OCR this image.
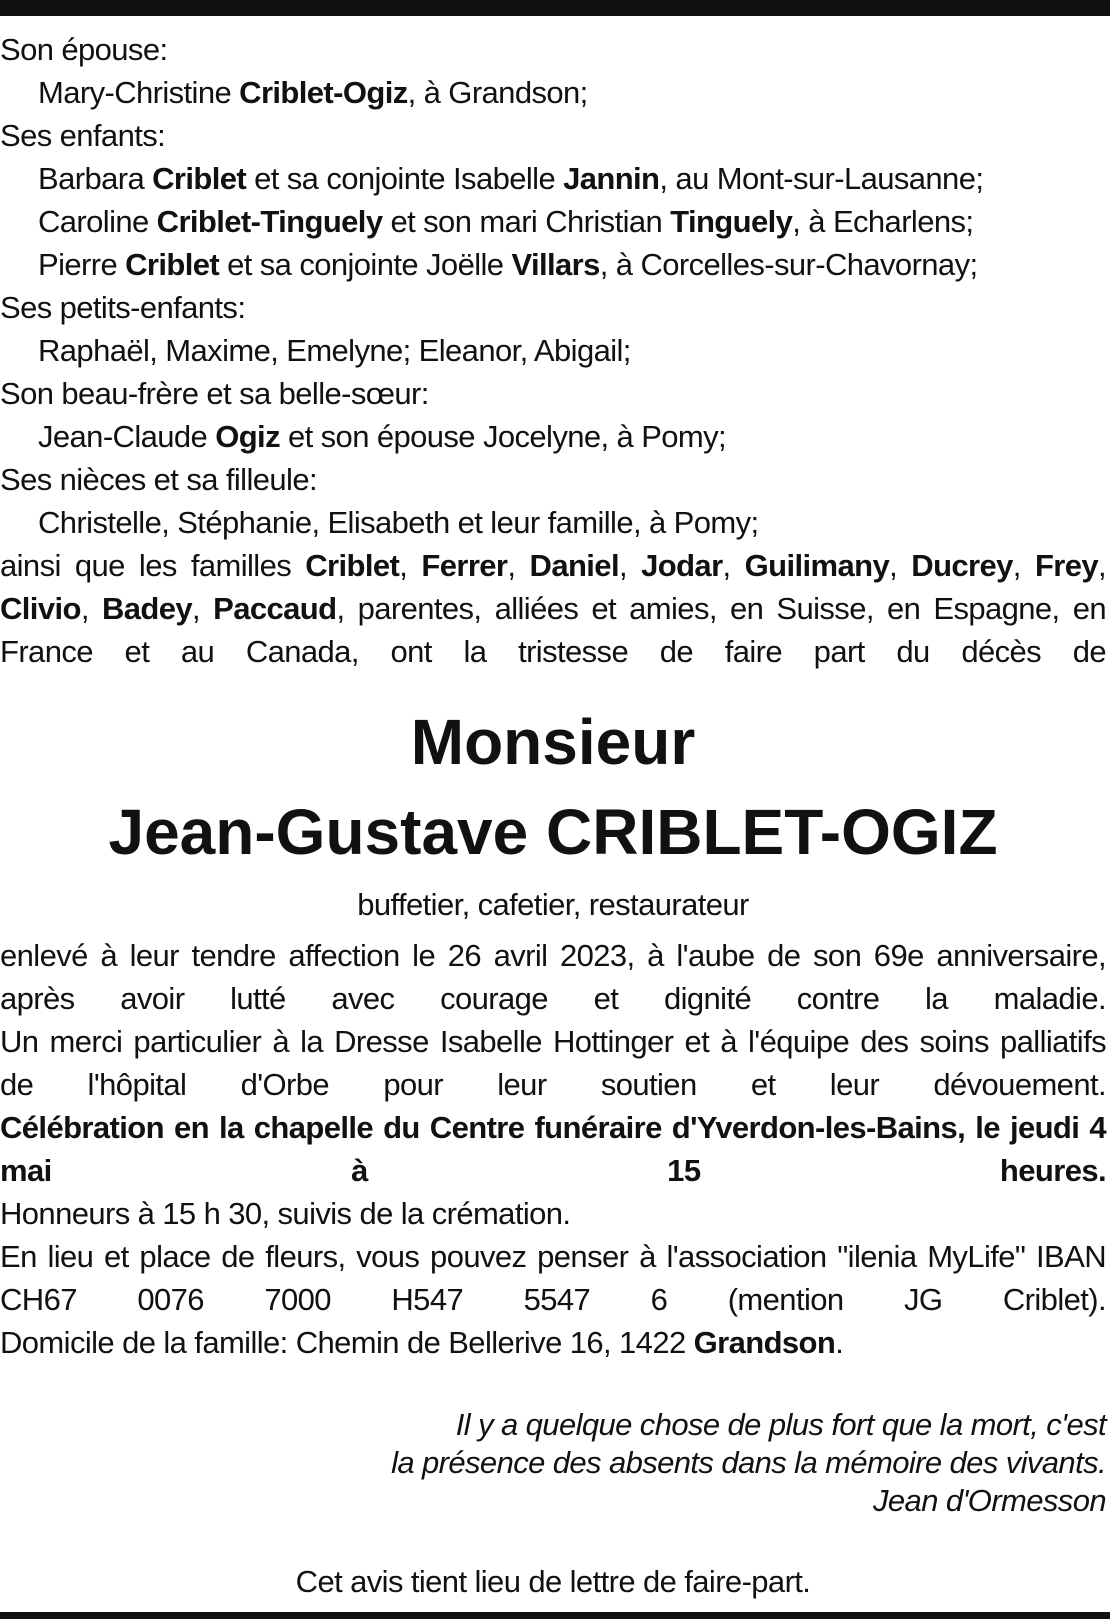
Son épouse:
Mary-Christine Criblet-Ogiz, à Grandson;
Ses enfants:
Barbara Criblet et sa conjointe Isabelle Jannin, au Mont-sur-Lausanne;
Caroline Criblet-Tinguely et son mari Christian Tinguely, à Echarlens;
Pierre Criblet et sa conjointe Joëlle Villars, à Corcelles-sur-Chavornay;
Ses petits-enfants:
Raphaël, Maxime, Emelyne; Eleanor, Abigail;
Son beau-frère et sa belle-sœur:
Jean-Claude Ogiz et son épouse Jocelyne, à Pomy;
Ses nièces et sa filleule:
Christelle, Stéphanie, Elisabeth et leur famille, à Pomy;
ainsi que les familles Criblet, Ferrer, Daniel, Jodar, Guilimany, Ducrey, Frey, Clivio, Badey, Paccaud, parentes, alliées et amies, en Suisse, en Espagne, en France et au Canada, ont la tristesse de faire part du décès de
Monsieur
Jean-Gustave CRIBLET-OGIZ
buffetier, cafetier, restaurateur
enlevé à leur tendre affection le 26 avril 2023, à l'aube de son 69e anniversaire, après avoir lutté avec courage et dignité contre la maladie.
Un merci particulier à la Dresse Isabelle Hottinger et à l'équipe des soins palliatifs de l'hôpital d'Orbe pour leur soutien et leur dévouement.
Célébration en la chapelle du Centre funéraire d'Yverdon-les-Bains, le jeudi 4 mai à 15 heures.
Honneurs à 15 h 30, suivis de la crémation.
En lieu et place de fleurs, vous pouvez penser à l'association "ilenia MyLife" IBAN CH67 0076 7000 H547 5547 6 (mention JG Criblet).
Domicile de la famille: Chemin de Bellerive 16, 1422 Grandson.
Il y a quelque chose de plus fort que la mort, c'est
la présence des absents dans la mémoire des vivants.
Jean d'Ormesson
Cet avis tient lieu de lettre de faire-part.
